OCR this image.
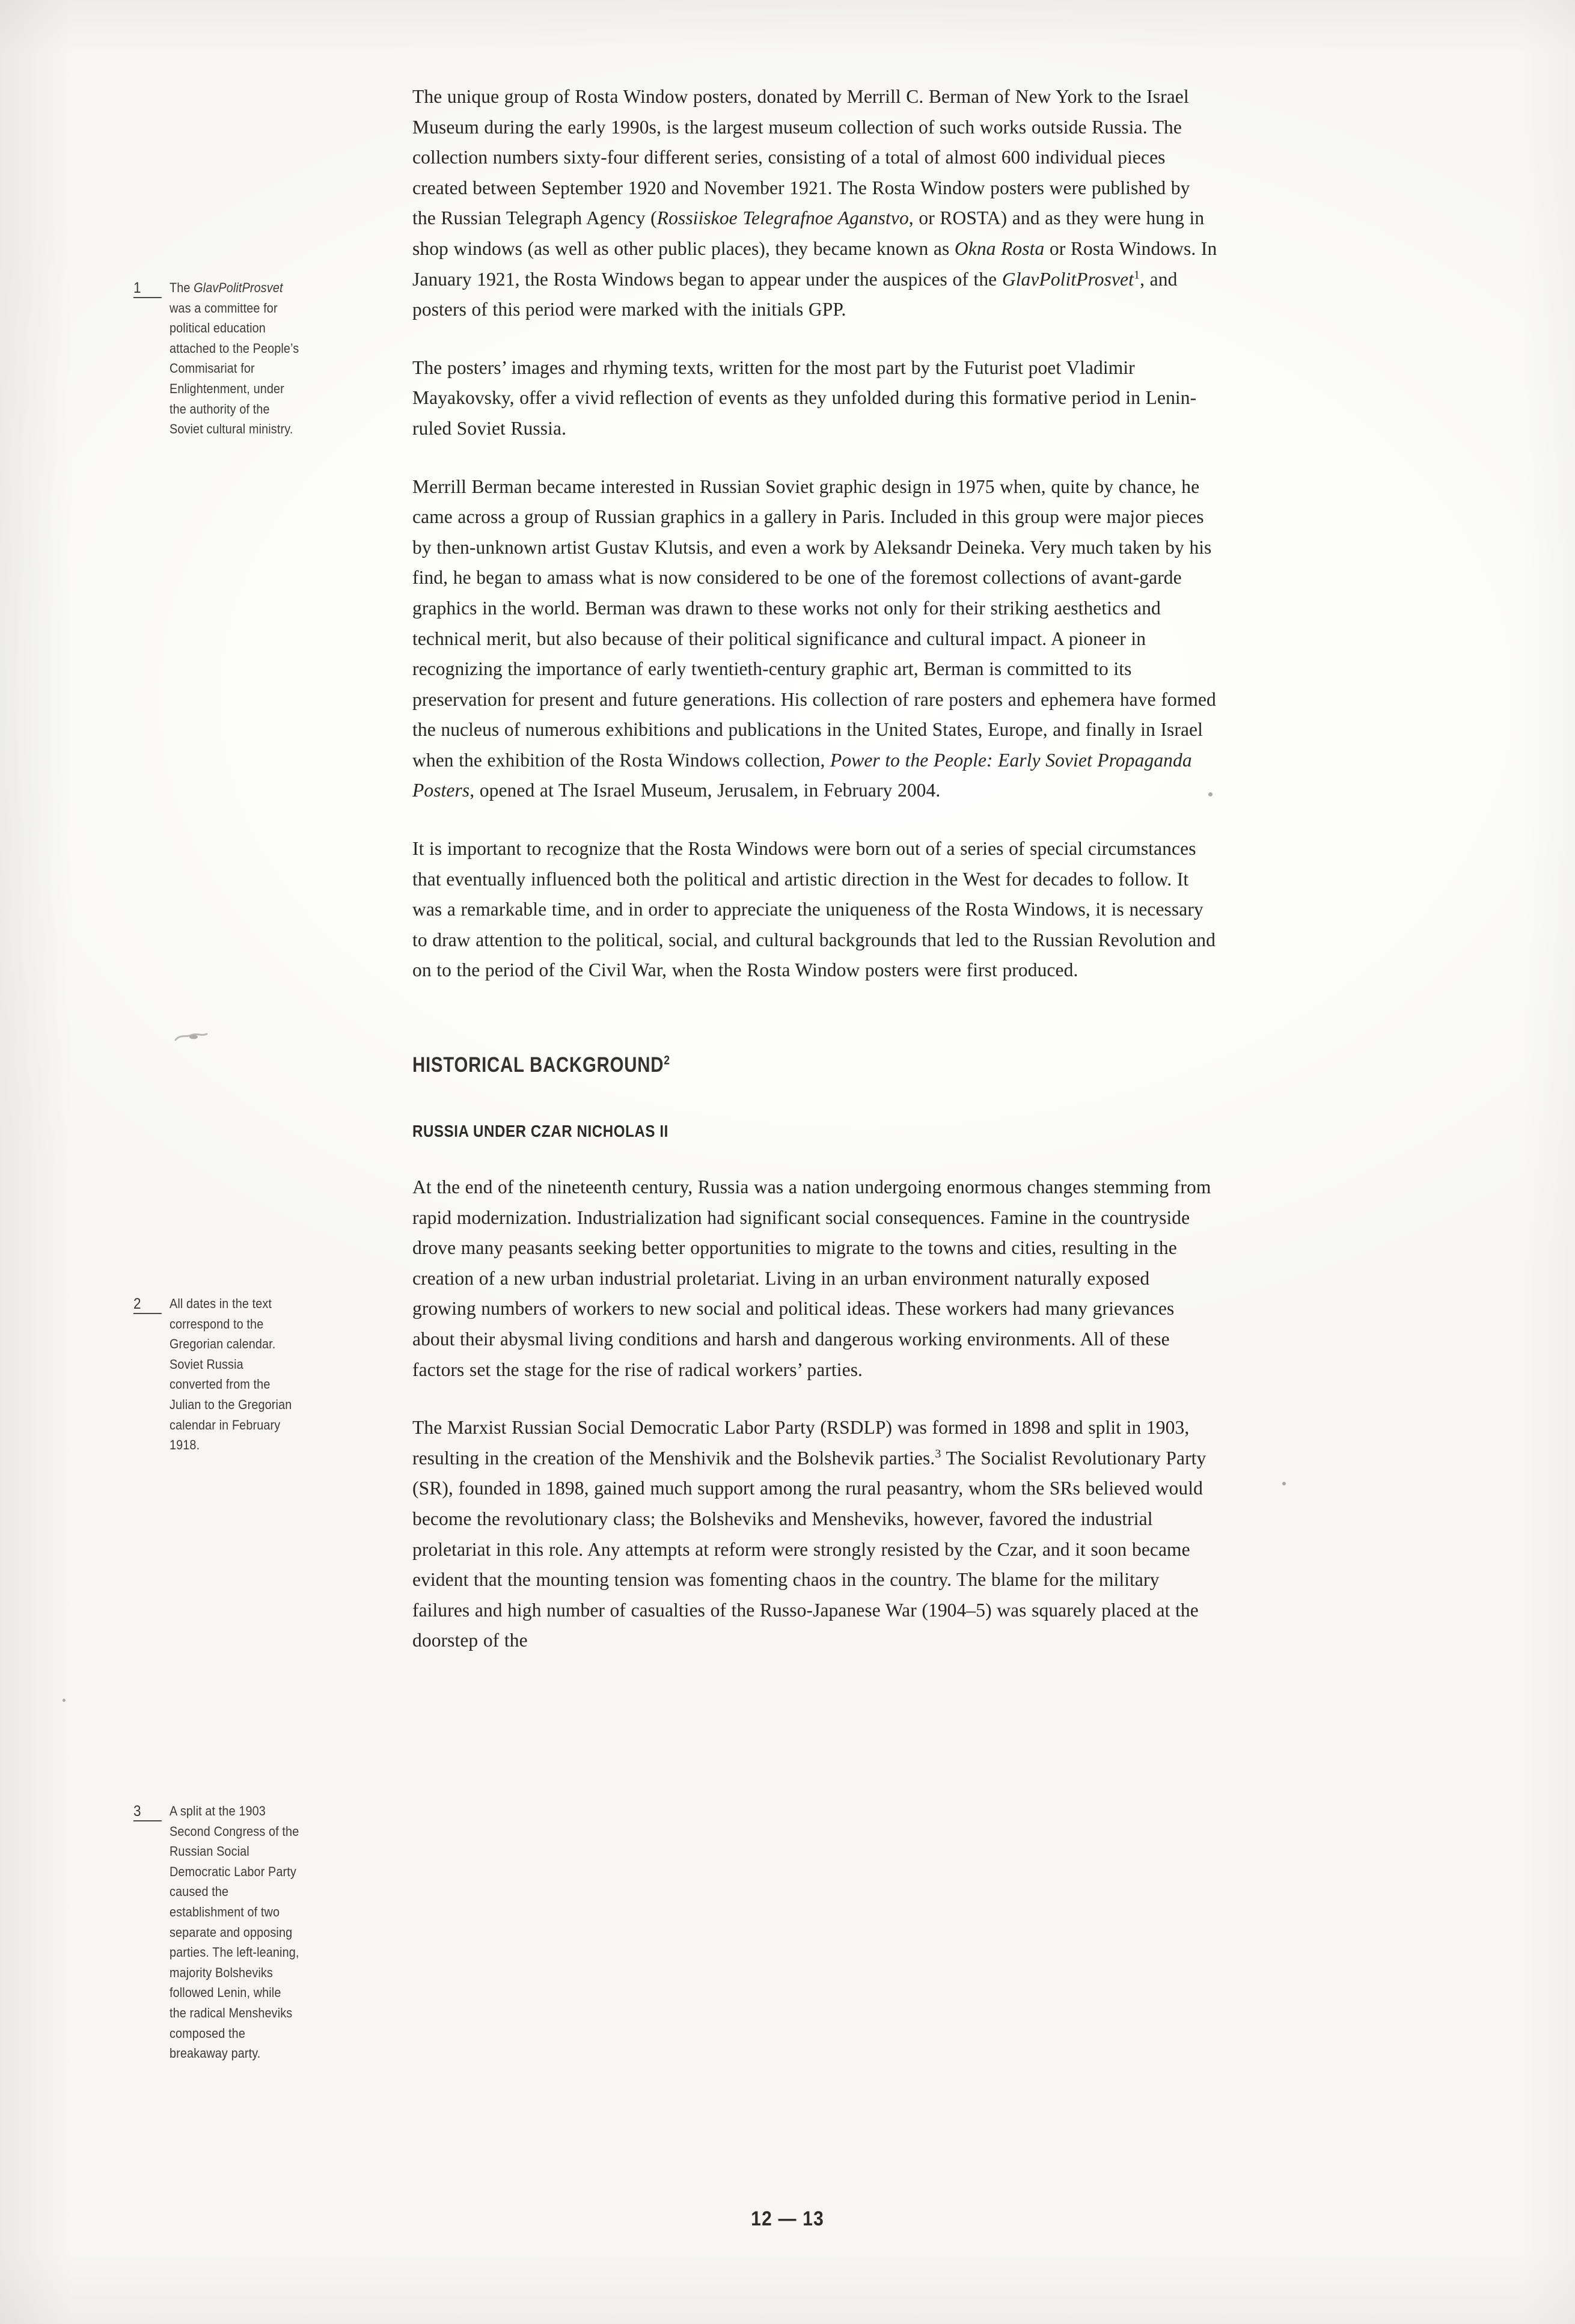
The unique group of Rosta Window posters, donated by Merrill C. Berman of New York to the Israel Museum during the early 1990s, is the largest museum collection of such works outside Russia. The collection numbers sixty-four different series, consisting of a total of almost 600 individual pieces created between September 1920 and November 1921. The Rosta Window posters were published by the Russian Telegraph Agency (Rossiiskoe Telegrafnoe Aganstvo, or ROSTA) and as they were hung in shop windows (as well as other public places), they became known as Okna Rosta or Rosta Windows. In January 1921, the Rosta Windows began to appear under the auspices of the GlavPolitProsvet$^1$, and posters of this period were marked with the initials GPP.

The posters’ images and rhyming texts, written for the most part by the Futurist poet Vladimir Mayakovsky, offer a vivid reflection of events as they unfolded during this formative period in Lenin-ruled Soviet Russia.

Merrill Berman became interested in Russian Soviet graphic design in 1975 when, quite by chance, he came across a group of Russian graphics in a gallery in Paris. Included in this group were major pieces by then-unknown artist Gustav Klutsis, and even a work by Aleksandr Deineka. Very much taken by his find, he began to amass what is now considered to be one of the foremost collections of avant-garde graphics in the world. Berman was drawn to these works not only for their striking aesthetics and technical merit, but also because of their political significance and cultural impact. A pioneer in recognizing the importance of early twentieth-century graphic art, Berman is committed to its preservation for present and future generations. His collection of rare posters and ephemera have formed the nucleus of numerous exhibitions and publications in the United States, Europe, and finally in Israel when the exhibition of the Rosta Windows collection, Power to the People: Early Soviet Propaganda Posters, opened at The Israel Museum, Jerusalem, in February 2004.

It is important to recognize that the Rosta Windows were born out of a series of special circumstances that eventually influenced both the political and artistic direction in the West for decades to follow. It was a remarkable time, and in order to appreciate the uniqueness of the Rosta Windows, it is necessary to draw attention to the political, social, and cultural backgrounds that led to the Russian Revolution and on to the period of the Civil War, when the Rosta Window posters were first produced.

HISTORICAL BACKGROUND$^2$
RUSSIA UNDER CZAR NICHOLAS II

At the end of the nineteenth century, Russia was a nation undergoing enormous changes stemming from rapid modernization. Industrialization had significant social consequences. Famine in the countryside drove many peasants seeking better opportunities to migrate to the towns and cities, resulting in the creation of a new urban industrial proletariat. Living in an urban environment naturally exposed growing numbers of workers to new social and political ideas. These workers had many grievances about their abysmal living conditions and harsh and dangerous working environments. All of these factors set the stage for the rise of radical workers’ parties.

The Marxist Russian Social Democratic Labor Party (RSDLP) was formed in 1898 and split in 1903, resulting in the creation of the Menshivik and the Bolshevik parties.$^3$ The Socialist Revolutionary Party (SR), founded in 1898, gained much support among the rural peasantry, whom the SRs believed would become the revolutionary class; the Bolsheviks and Mensheviks, however, favored the industrial proletariat in this role. Any attempts at reform were strongly resisted by the Czar, and it soon became evident that the mounting tension was fomenting chaos in the country. The blame for the military failures and high number of casualties of the Russo-Japanese War (1904–5) was squarely placed at the doorstep of the

1	The GlavPolitProsvet was a committee for political education attached to the People’s Commisariat for Enlightenment, under the authority of the Soviet cultural ministry.
2	All dates in the text correspond to the Gregorian calendar. Soviet Russia converted from the Julian to the Gregorian calendar in February 1918.
3	A split at the 1903 Second Congress of the Russian Social Democratic Labor Party caused the establishment of two separate and opposing parties. The left-leaning, majority Bolsheviks followed Lenin, while the radical Mensheviks composed the breakaway party.
12 — 13
